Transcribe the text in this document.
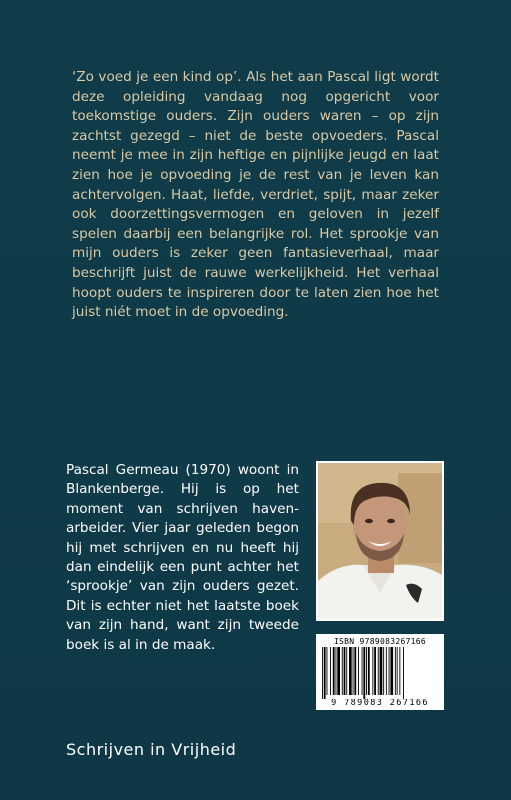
‘Zo voed je een kind op’. Als het aan Pascal ligt wordt deze opleiding vandaag nog opgericht voor toekomstige ouders. Zijn ouders waren – op zijn zachtst gezegd – niet de beste opvoeders. Pascal neemt je mee in zijn heftige en pijnlijke jeugd en laat zien hoe je opvoeding je de rest van je leven kan achtervolgen. Haat, liefde, verdriet, spijt, maar zeker ook doorzettingsvermogen en geloven in jezelf spelen daarbij een belangrijke rol. Het sprookje van mijn ouders is zeker geen fantasieverhaal, maar beschrijft juist de rauwe werkelijkheid. Het verhaal hoopt ouders te inspireren door te laten zien hoe het juist niét moet in de opvoeding.

Pascal Germeau (1970) woont in Blankenberge. Hij is op het moment van schrijven havenarbeider. Vier jaar geleden begon hij met schrijven en nu heeft hij dan eindelijk een punt achter het ‘sprookje’ van zijn ouders gezet. Dit is echter niet het laatste boek van zijn hand, want zijn tweede boek is al in de maak.	ISBN 9789083267166
9 789083 267166
Schrijven in Vrijheid
